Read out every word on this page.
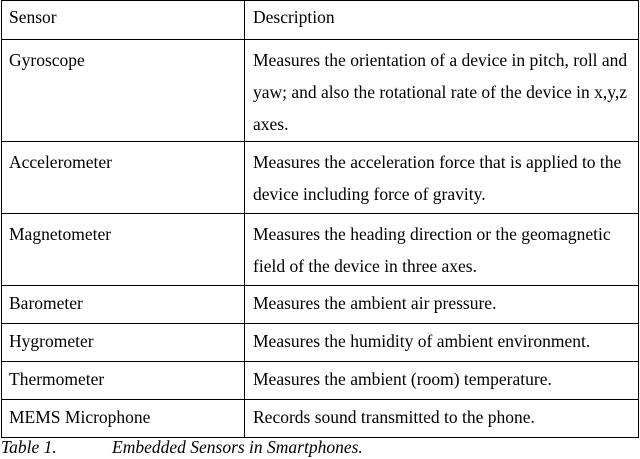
Sensor	Description
Gyroscope	Measures the orientation of a device in pitch, roll and yaw; and also the rotational rate of the device in x,y,z axes.
Accelerometer	Measures the acceleration force that is applied to the device including force of gravity.
Magnetometer	Measures the heading direction or the geomagnetic field of the device in three axes.
Barometer	Measures the ambient air pressure.
Hygrometer	Measures the humidity of ambient environment.
Thermometer	Measures the ambient (room) temperature.
MEMS Microphone	Records sound transmitted to the phone.
Table 1.	Embedded Sensors in Smartphones.
